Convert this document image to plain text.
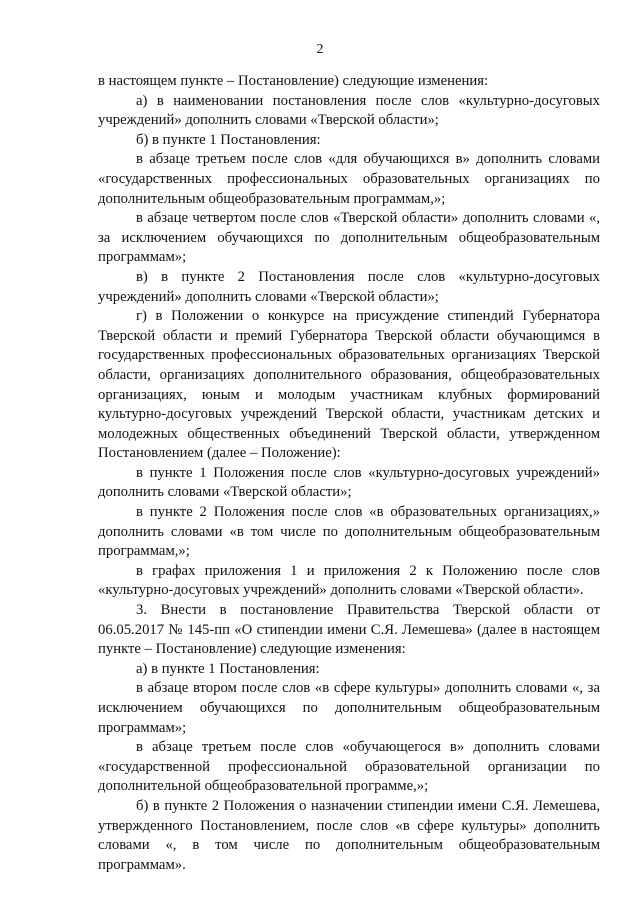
2

в настоящем пункте – Постановление) следующие изменения:

а) в наименовании постановления после слов «культурно-досуговых учреждений» дополнить словами «Тверской области»;

б) в пункте 1 Постановления:

в абзаце третьем после слов «для обучающихся в» дополнить словами «государственных профессиональных образовательных организациях по дополнительным общеобразовательным программам,»;

в абзаце четвертом после слов «Тверской области» дополнить словами «, за исключением обучающихся по дополнительным общеобразовательным программам»;

в) в пункте 2 Постановления после слов «культурно-досуговых учреждений» дополнить словами «Тверской области»;

г) в Положении о конкурсе на присуждение стипендий Губернатора Тверской области и премий Губернатора Тверской области обучающимся в государственных профессиональных образовательных организациях Тверской области, организациях дополнительного образования, общеобразовательных организациях, юным и молодым участникам клубных формирований культурно-досуговых учреждений Тверской области, участникам детских и молодежных общественных объединений Тверской области, утвержденном Постановлением (далее – Положение):

в пункте 1 Положения после слов «культурно-досуговых учреждений» дополнить словами «Тверской области»;

в пункте 2 Положения после слов «в образовательных организациях,» дополнить словами «в том числе по дополнительным общеобразовательным программам,»;

в графах приложения 1 и приложения 2 к Положению после слов «культурно-досуговых учреждений» дополнить словами «Тверской области».

3. Внести в постановление Правительства Тверской области от 06.05.2017 № 145-пп «О стипендии имени С.Я. Лемешева» (далее в настоящем пункте – Постановление) следующие изменения:

а) в пункте 1 Постановления:

в абзаце втором после слов «в сфере культуры» дополнить словами «, за исключением обучающихся по дополнительным общеобразовательным программам»;

в абзаце третьем после слов «обучающегося в» дополнить словами «государственной профессиональной образовательной организации по дополнительной общеобразовательной программе,»;

б) в пункте 2 Положения о назначении стипендии имени С.Я. Лемешева, утвержденного Постановлением, после слов «в сфере культуры» дополнить словами «, в том числе по дополнительным общеобразовательным программам».
